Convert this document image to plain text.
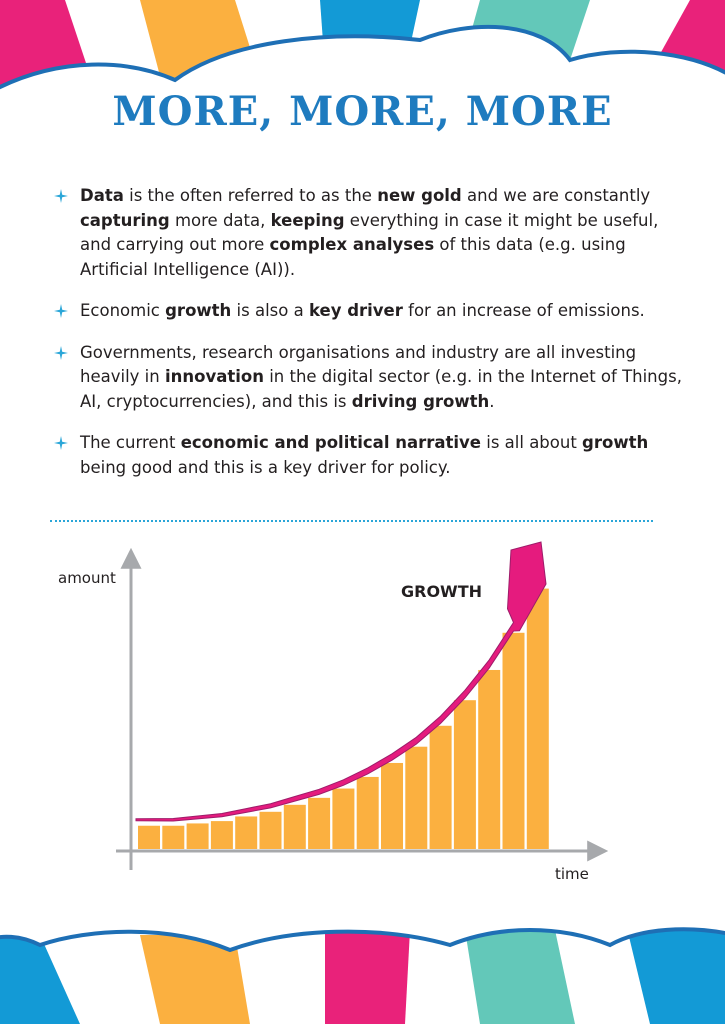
MORE, MORE, MORE
Data is the often referred to as the new gold and we are constantly capturing more data, keeping everything in case it might be useful, and carrying out more complex analyses of this data (e.g. using Artificial Intelligence (AI)).
Economic growth is also a key driver for an increase of emissions.
Governments, research organisations and industry are all investing heavily in innovation in the digital sector (e.g. in the Internet of Things, AI, cryptocurrencies), and this is driving growth.
The current economic and political narrative is all about growth being good and this is a key driver for policy.
amount
time
GROWTH
